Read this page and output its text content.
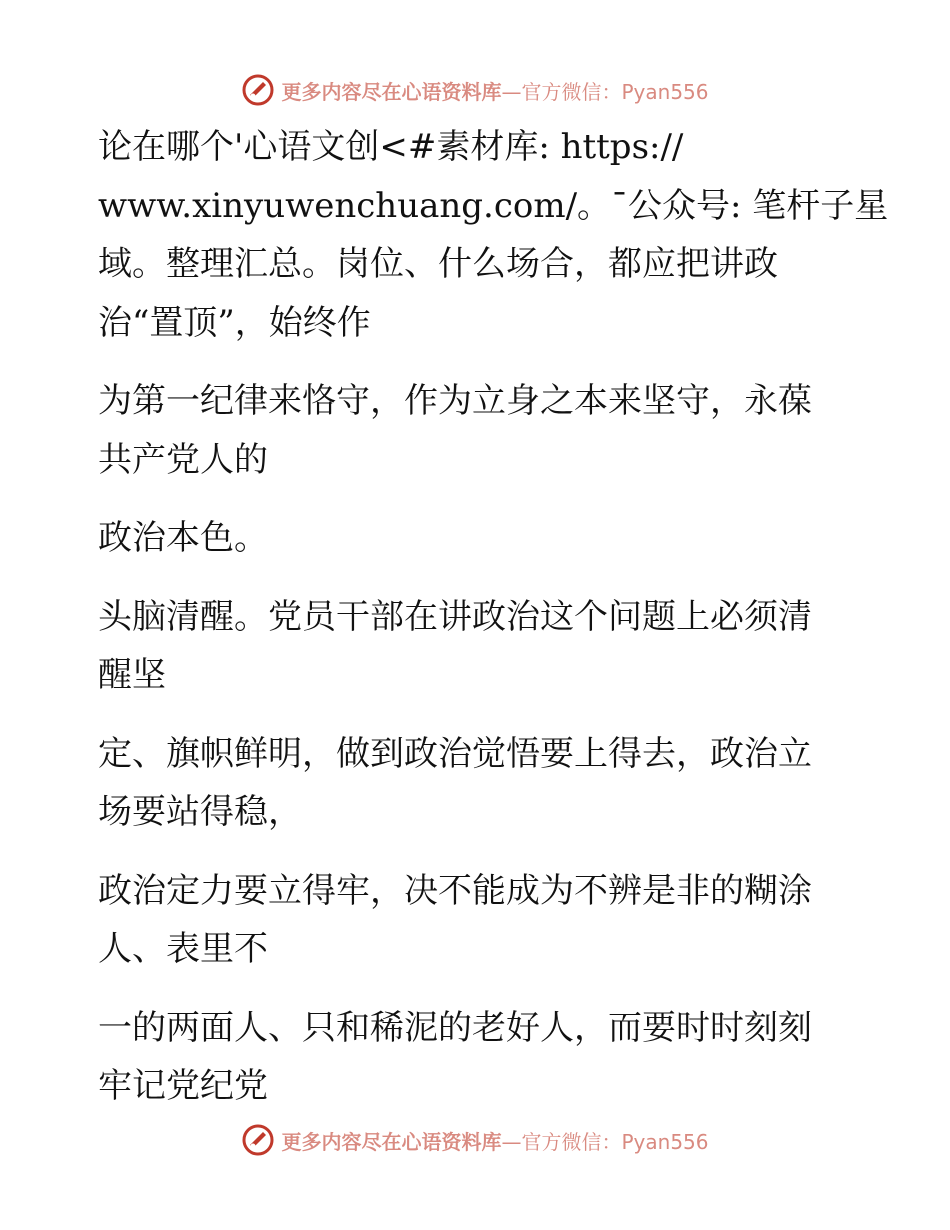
更多内容尽在心语资料库—官方微信：Pyan556

论在哪个'心语文创<#素材库: https://
www.xinyuwenchuang.com/。¯公众号: 笔杆子星
域。整理汇总。岗位、什么场合，都应把讲政
治“置顶”，始终作

为第一纪律来恪守，作为立身之本来坚守，永葆
共产党人的

政治本色。

头脑清醒。党员干部在讲政治这个问题上必须清
醒坚

定、旗帜鲜明，做到政治觉悟要上得去，政治立
场要站得稳，

政治定力要立得牢，决不能成为不辨是非的糊涂
人、表里不

一的两面人、只和稀泥的老好人，而要时时刻刻
牢记党纪党

更多内容尽在心语资料库—官方微信：Pyan556
